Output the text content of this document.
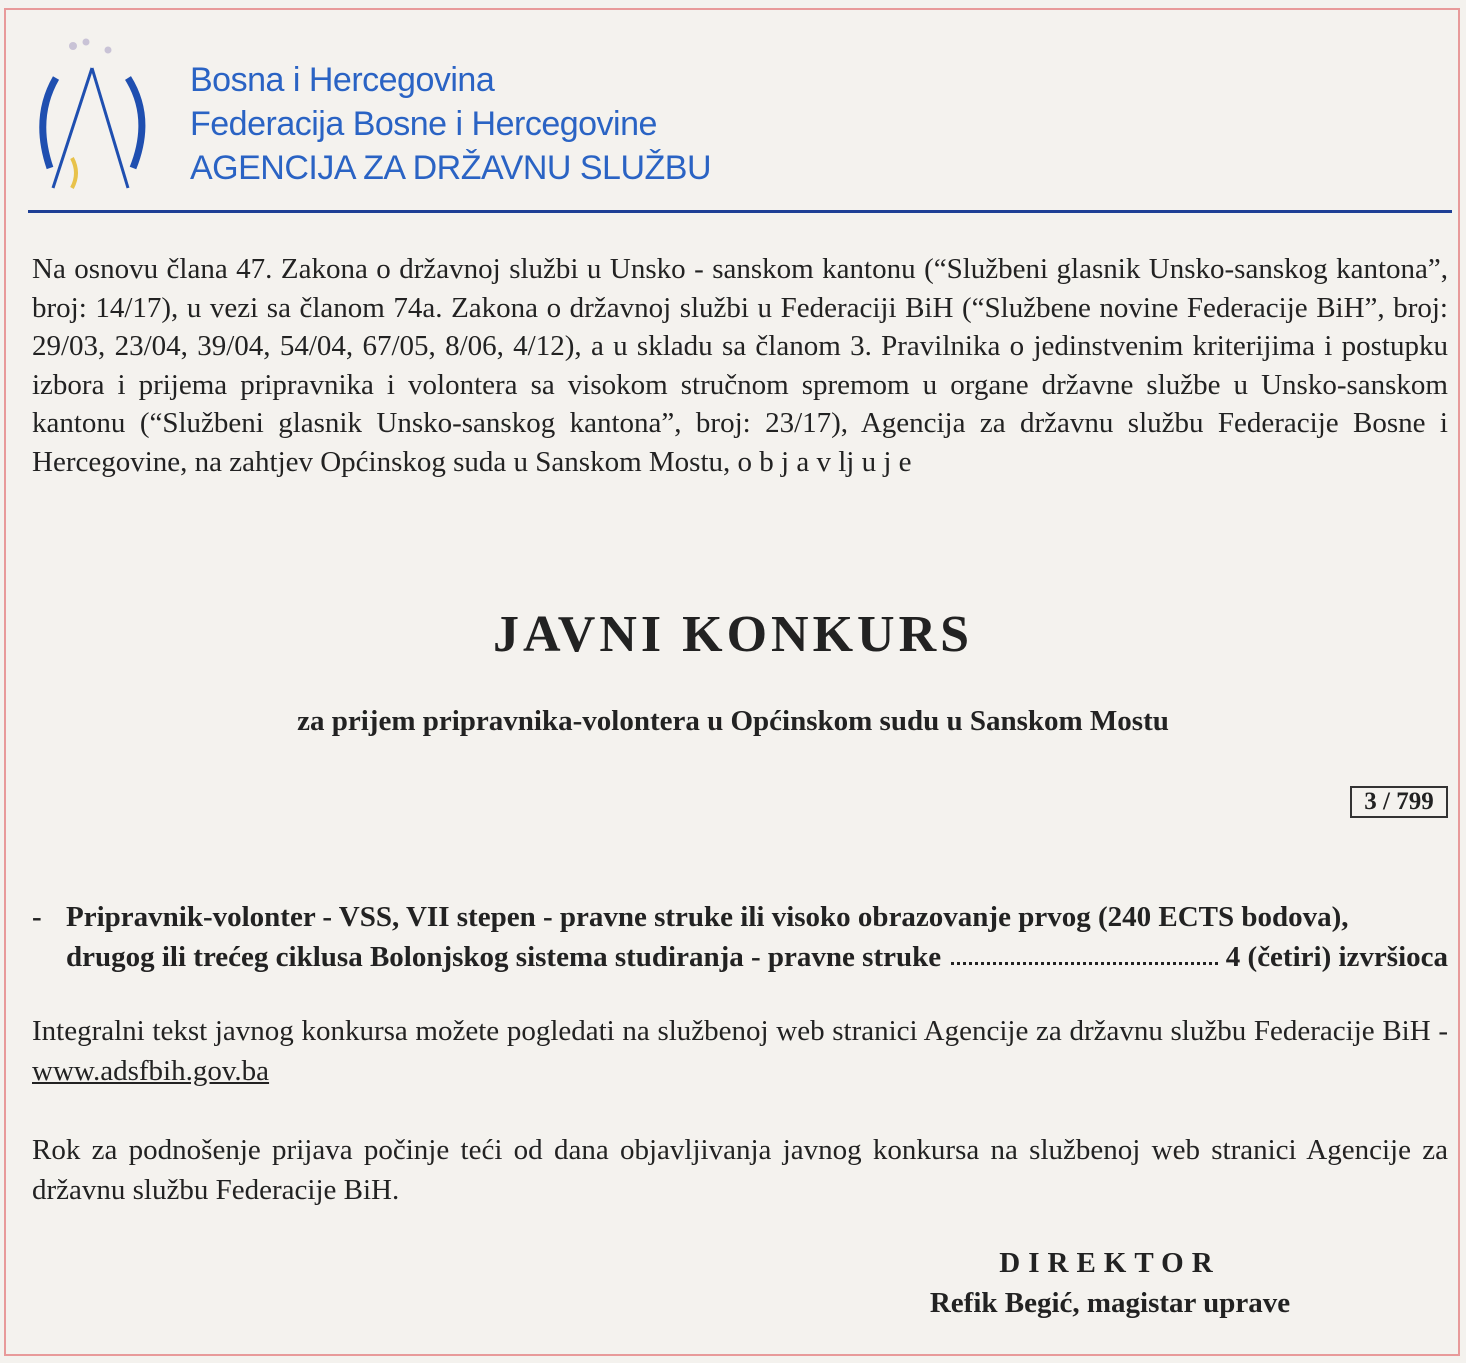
Bosna i Hercegovina
Federacija Bosne i Hercegovine
AGENCIJA ZA DRŽAVNU SLUŽBU
Na osnovu člana 47. Zakona o državnoj službi u Unsko - sanskom kantonu (“Službeni glasnik Unsko-sanskog kantona”, broj: 14/17), u vezi sa članom 74a. Zakona o državnoj službi u Federaciji BiH (“Službene novine Federacije BiH”, broj: 29/03, 23/04, 39/04, 54/04, 67/05, 8/06, 4/12), a u skladu sa članom 3. Pravilnika o jedinstvenim kriterijima i postupku izbora i prijema pripravnika i volontera sa visokom stručnom spremom u organe državne službe u Unsko-sanskom kantonu (“Službeni glasnik Unsko-sanskog kantona”, broj: 23/17), Agencija za državnu službu Federacije Bosne i Hercegovine, na zahtjev Općinskog suda u Sanskom Mostu, o b j a v lj u j e
JAVNI KONKURS
za prijem pripravnika-volontera u Općinskom sudu u Sanskom Mostu
3 / 799
- Pripravnik-volonter - VSS, VII stepen - pravne struke ili visoko obrazovanje prvog (240 ECTS bodova),
drugog ili trećeg ciklusa Bolonjskog sistema studiranja - pravne struke	4 (četiri) izvršioca
Integralni tekst javnog konkursa možete pogledati na službenoj web stranici Agencije za državnu službu Federacije BiH - www.adsfbih.gov.ba
Rok za podnošenje prijava počinje teći od dana objavljivanja javnog konkursa na službenoj web stranici Agencije za državnu službu Federacije BiH.
DIREKTOR
Refik Begić, magistar uprave
